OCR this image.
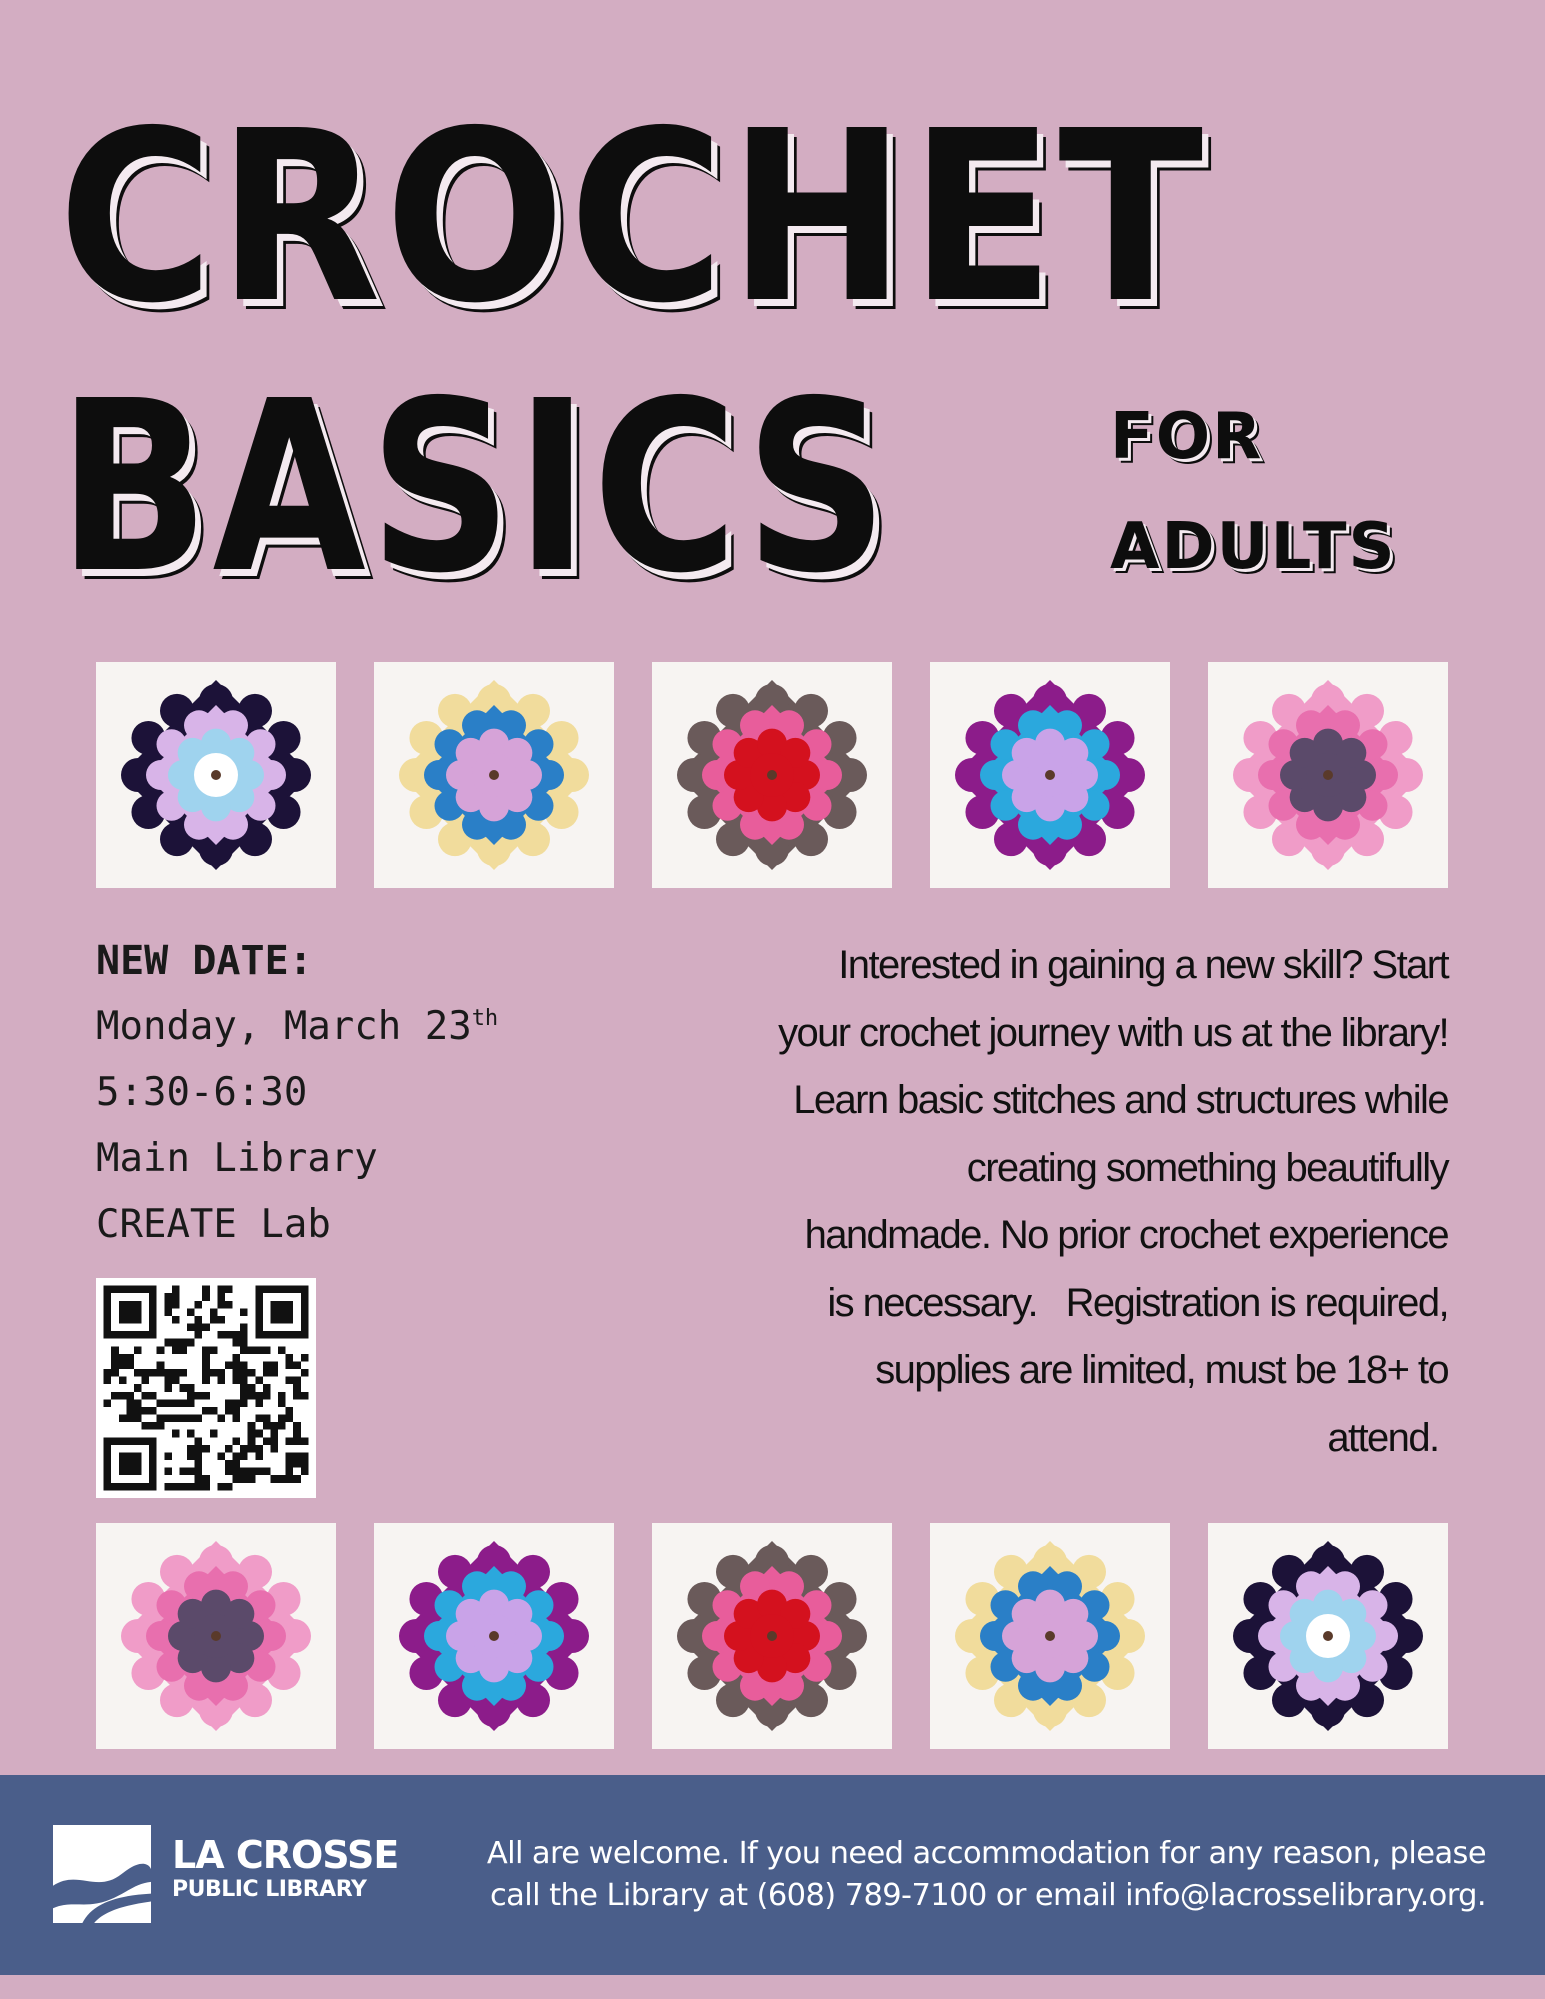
CROCHET
BASICS	FOR
ADULTS
NEW DATE:
Monday, March 23th
5:30-6:30
Main Library
CREATE Lab
Interested in gaining a new skill? Start
your crochet journey with us at the library!
Learn basic stitches and structures while
creating something beautifully
handmade. No prior crochet experience
is necessary.   Registration is required,
supplies are limited, must be 18+ to
attend.
LA CROSSE
PUBLIC LIBRARY
All are welcome. If you need accommodation for any reason, please
call the Library at (608) 789-7100 or email info@lacrosselibrary.org.
